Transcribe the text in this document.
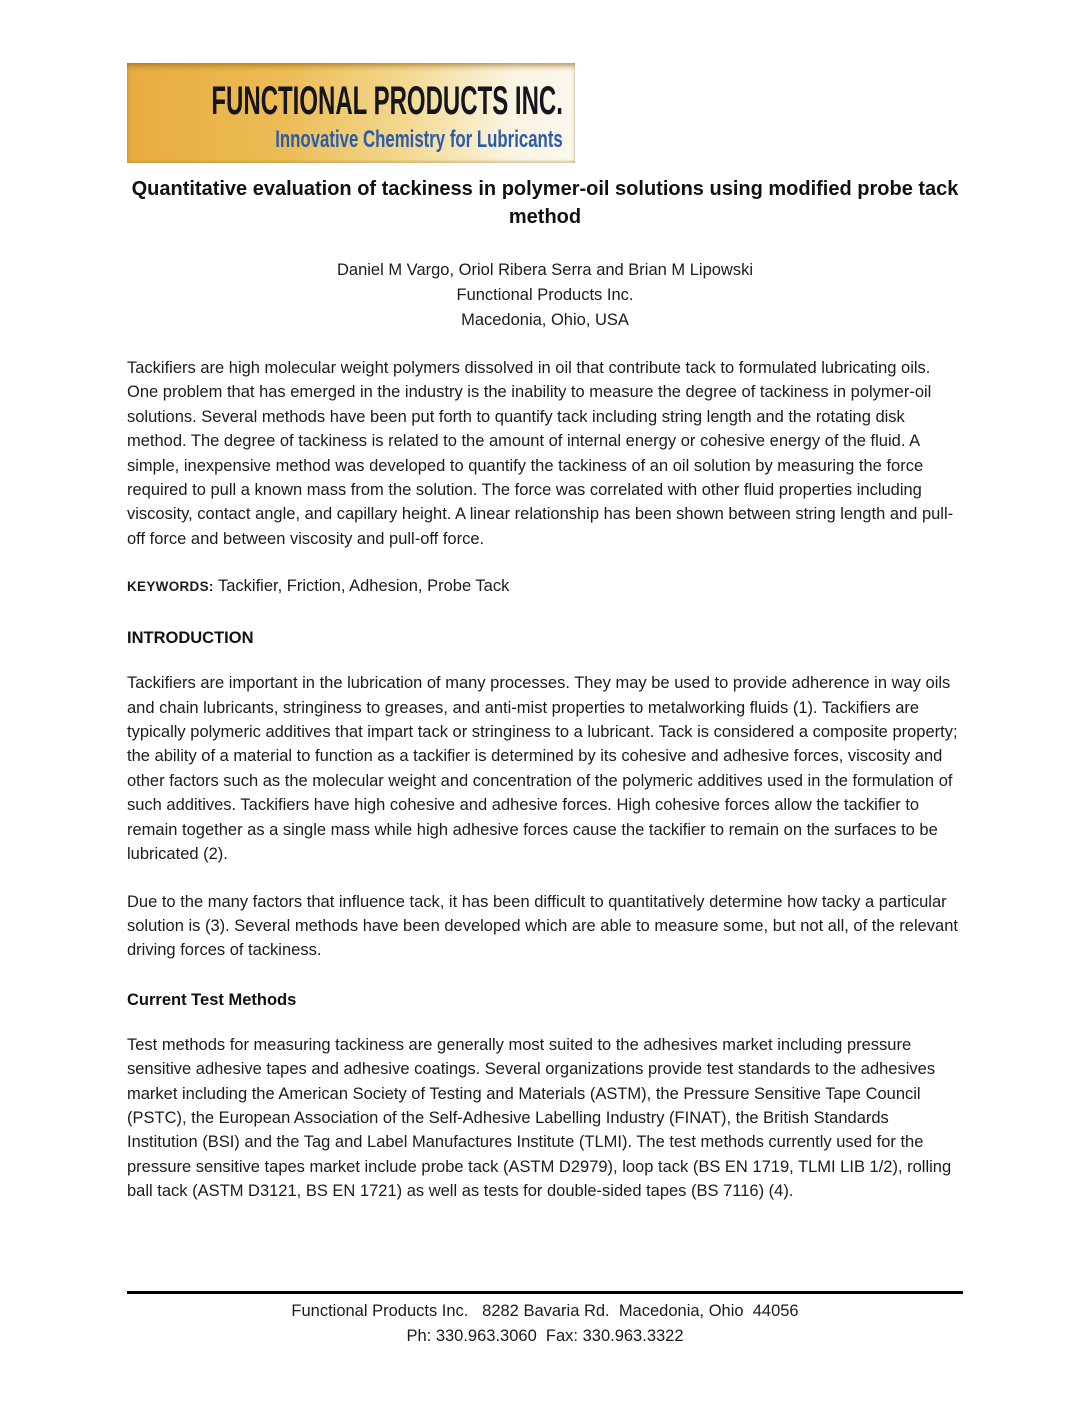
FUNCTIONAL PRODUCTS INC.
Innovative Chemistry for Lubricants
Quantitative evaluation of tackiness in polymer-oil solutions using modified probe tack method
Daniel M Vargo, Oriol Ribera Serra and Brian M Lipowski
Functional Products Inc.
Macedonia, Ohio, USA

Tackifiers are high molecular weight polymers dissolved in oil that contribute tack to formulated lubricating oils. One problem that has emerged in the industry is the inability to measure the degree of tackiness in polymer-oil solutions. Several methods have been put forth to quantify tack including string length and the rotating disk method. The degree of tackiness is related to the amount of internal energy or cohesive energy of the fluid. A simple, inexpensive method was developed to quantify the tackiness of an oil solution by measuring the force required to pull a known mass from the solution. The force was correlated with other fluid properties including viscosity, contact angle, and capillary height. A linear relationship has been shown between string length and pull-off force and between viscosity and pull-off force.

KEYWORDS: Tackifier, Friction, Adhesion, Probe Tack

INTRODUCTION

Tackifiers are important in the lubrication of many processes. They may be used to provide adherence in way oils and chain lubricants, stringiness to greases, and anti-mist properties to metalworking fluids (1). Tackifiers are typically polymeric additives that impart tack or stringiness to a lubricant. Tack is considered a composite property; the ability of a material to function as a tackifier is determined by its cohesive and adhesive forces, viscosity and other factors such as the molecular weight and concentration of the polymeric additives used in the formulation of such additives. Tackifiers have high cohesive and adhesive forces. High cohesive forces allow the tackifier to remain together as a single mass while high adhesive forces cause the tackifier to remain on the surfaces to be lubricated (2).

Due to the many factors that influence tack, it has been difficult to quantitatively determine how tacky a particular solution is (3). Several methods have been developed which are able to measure some, but not all, of the relevant driving forces of tackiness.

Current Test Methods

Test methods for measuring tackiness are generally most suited to the adhesives market including pressure sensitive adhesive tapes and adhesive coatings. Several organizations provide test standards to the adhesives market including the American Society of Testing and Materials (ASTM), the Pressure Sensitive Tape Council (PSTC), the European Association of the Self-Adhesive Labelling Industry (FINAT), the British Standards Institution (BSI) and the Tag and Label Manufactures Institute (TLMI). The test methods currently used for the pressure sensitive tapes market include probe tack (ASTM D2979), loop tack (BS EN 1719, TLMI LIB 1/2), rolling ball tack (ASTM D3121, BS EN 1721) as well as tests for double-sided tapes (BS 7116) (4).

Functional Products Inc.   8282 Bavaria Rd.  Macedonia, Ohio  44056
Ph: 330.963.3060  Fax: 330.963.3322
